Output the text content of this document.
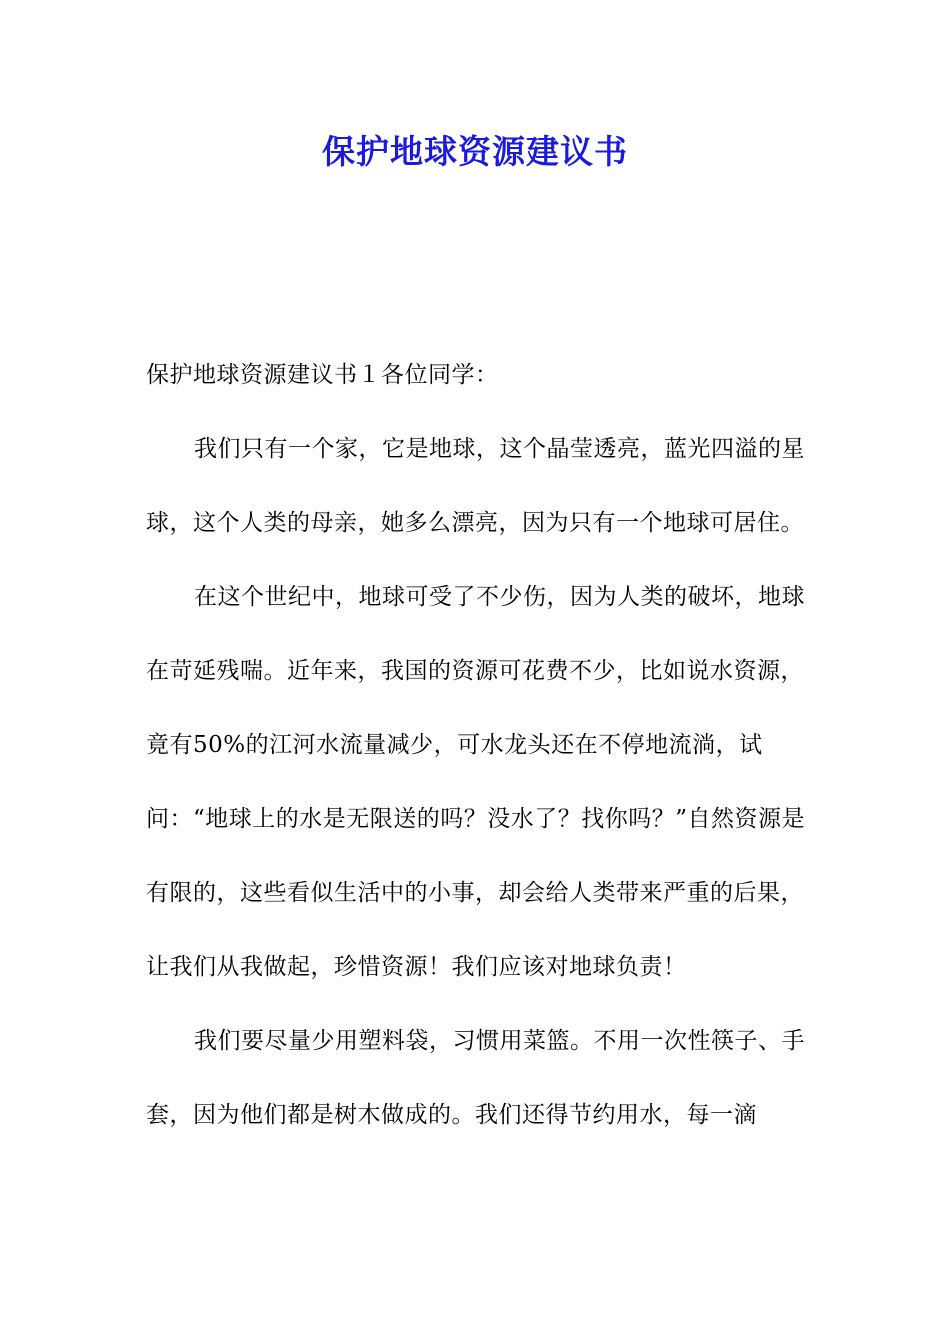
保护地球资源建议书

保护地球资源建议书１各位同学：

我们只有一个家，它是地球，这个晶莹透亮，蓝光四溢的星球，这个人类的母亲，她多么漂亮，因为只有一个地球可居住。

在这个世纪中，地球可受了不少伤，因为人类的破坏，地球在苛延残喘。近年来，我国的资源可花费不少，比如说水资源，竟有50%的江河水流量减少，可水龙头还在不停地流淌，试问：“地球上的水是无限送的吗？没水了？找你吗？”自然资源是有限的，这些看似生活中的小事，却会给人类带来严重的后果，让我们从我做起，珍惜资源！我们应该对地球负责！

我们要尽量少用塑料袋，习惯用菜篮。不用一次性筷子、手套，因为他们都是树木做成的。我们还得节约用水，每一滴
